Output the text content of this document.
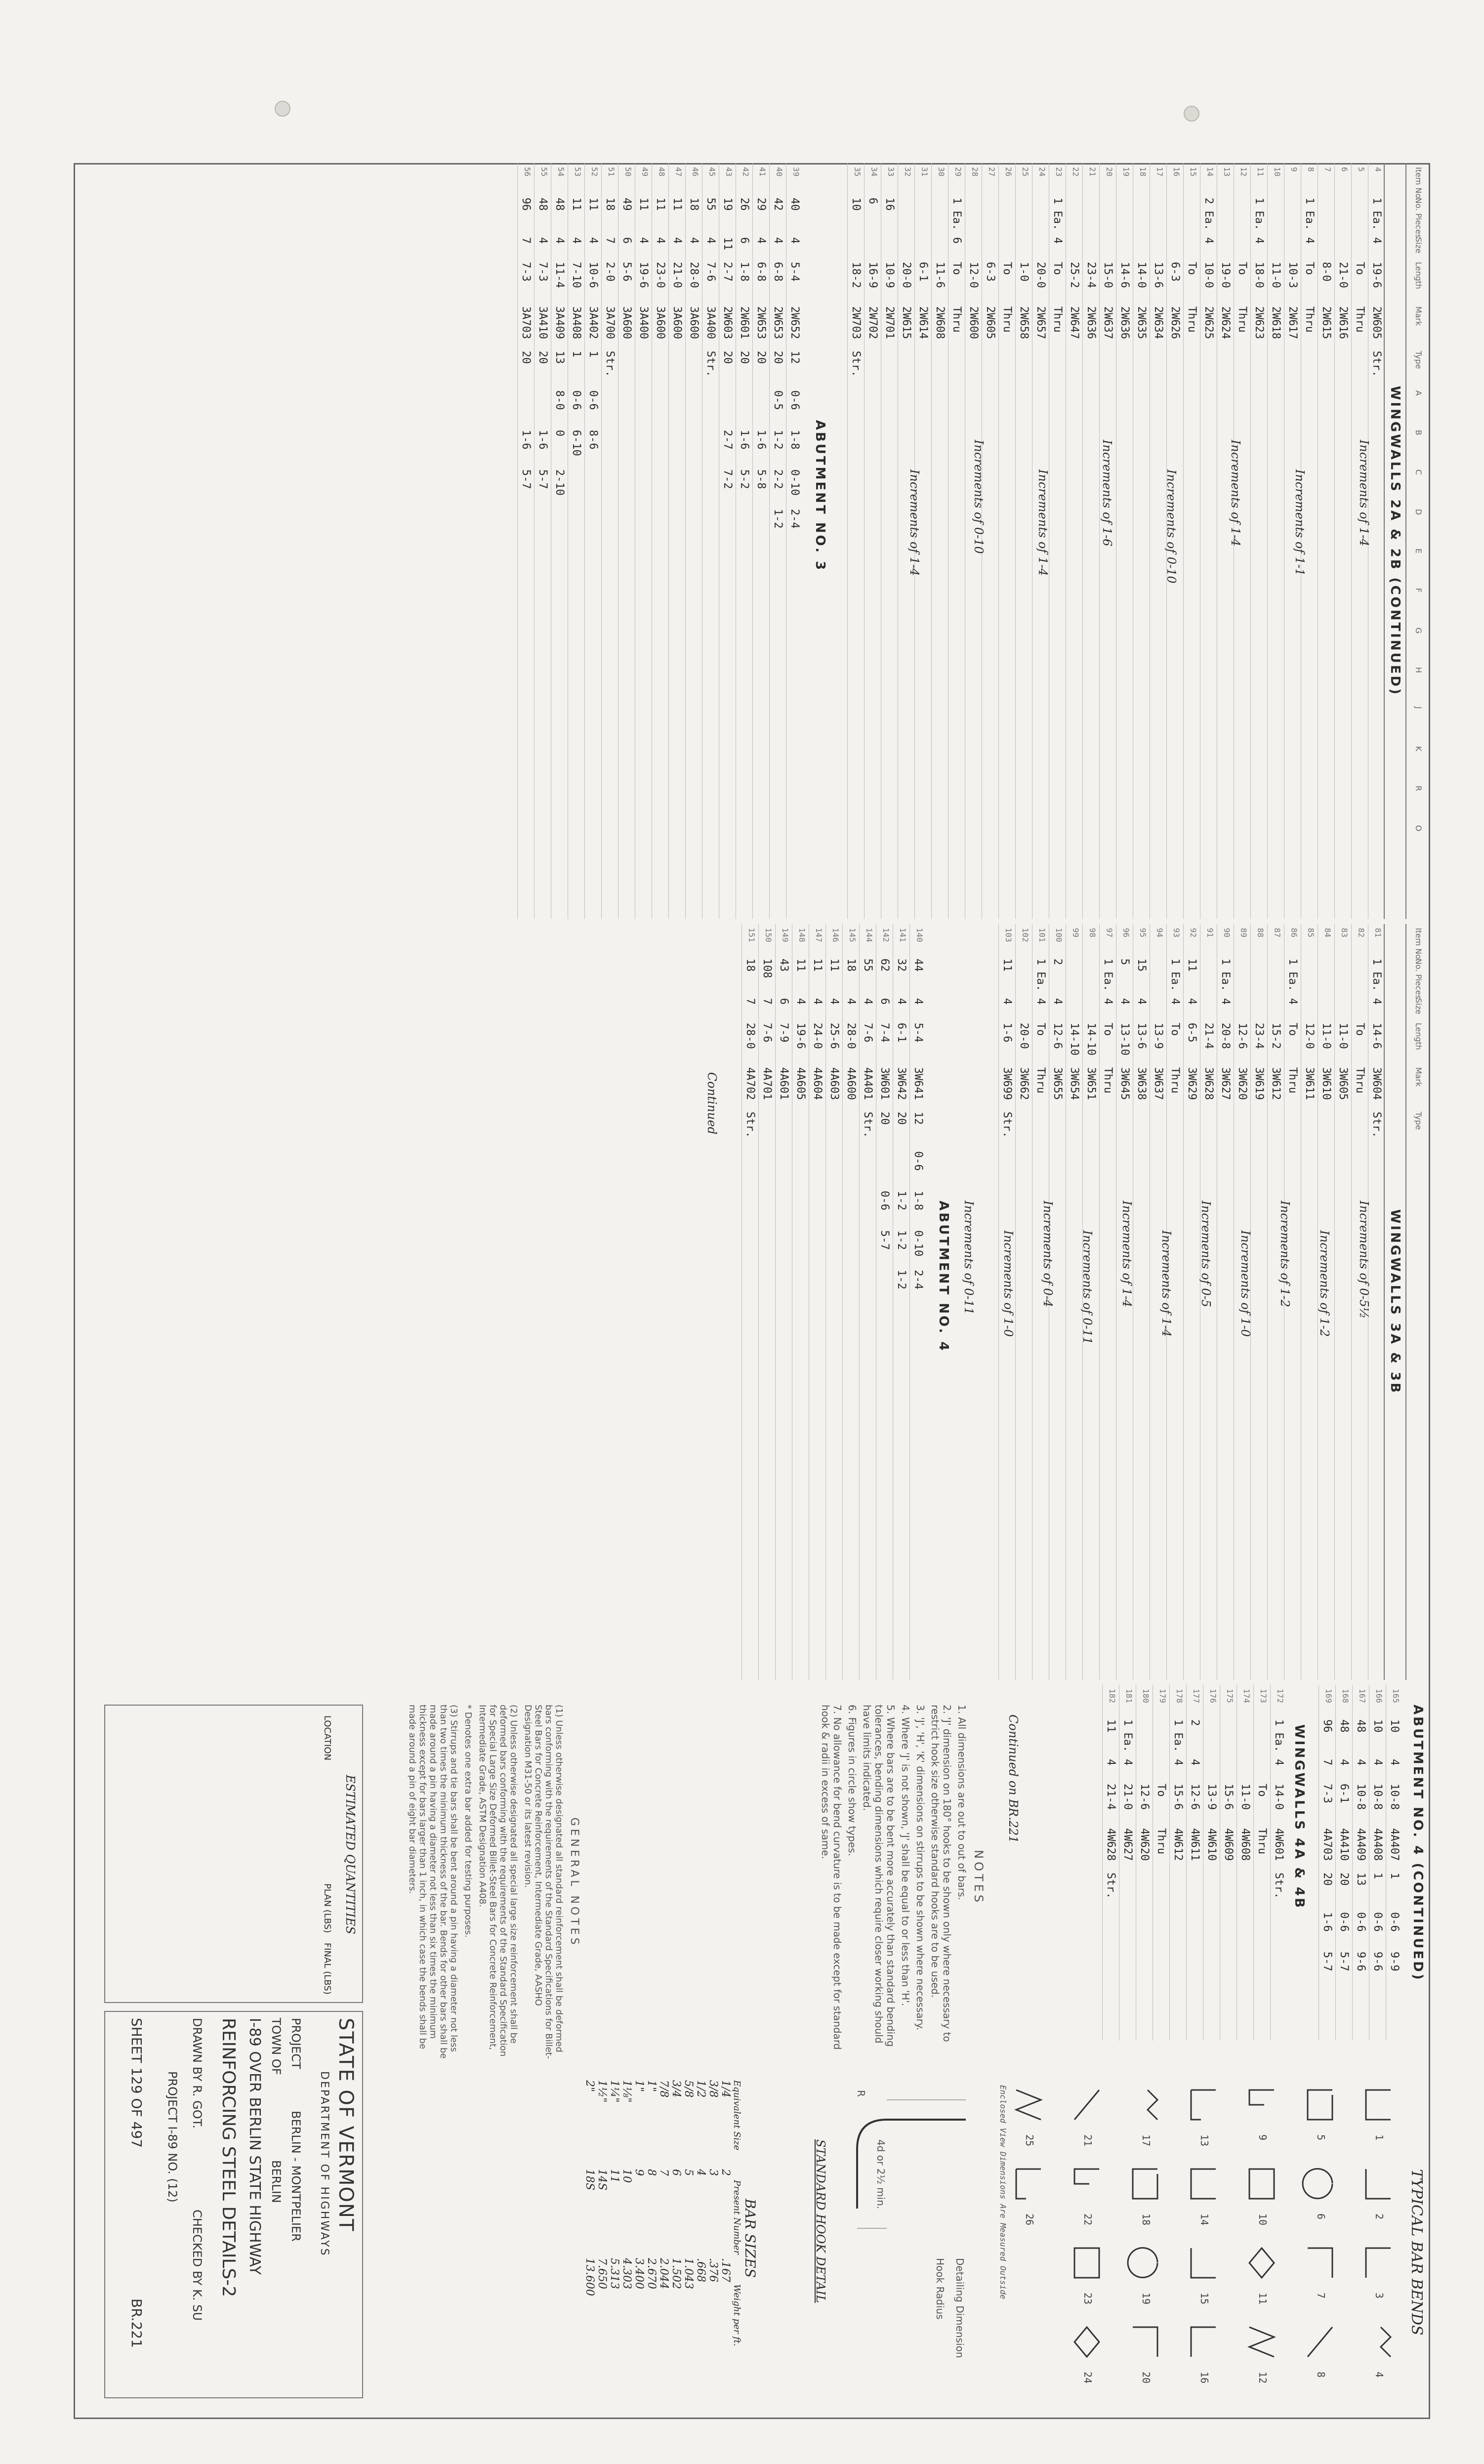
Item No.
No. Pieces
Size
Length
Mark
Type
A
B
C
D
E
F
G
H
J
K
R
O
WINGWALLS 2A & 2B (CONTINUED)
4
1 Ea.
4
19-6
2W605
Str.
5
To
Thru
6
21-0
2W616
7
8-0
2W615
8
1 Ea.
4
To
Thru
9
10-3
2W617
10
11-0
2W618
11
1 Ea.
4
18-0
2W623
12
To
Thru
13
19-0
2W624
14
2 Ea.
4
10-0
2W625
15
To
Thru
16
6-3
2W626
17
13-6
2W634
18
14-0
2W635
19
14-6
2W636
20
15-0
2W637
21
23-4
2W636
22
25-2
2W647
23
1 Ea.
4
To
Thru
24
20-0
2W657
25
1-0
2W658
26
To
Thru
27
6-3
2W605
28
12-0
2W600
29
1 Ea.
6
To
Thru
30
11-6
2W608
31
6-1
2W614
32
20-0
2W615
33
16
10-9
2W701
34
6
16-9
2W702
35
10
18-2
2W703
Str.
ABUTMENT NO. 3
39
40
4
5-4
2W652
12
0-6
1-8
0-10
2-4
40
42
4
6-8
2W653
20
0-5
1-2
2-2
1-2
41
29
4
6-8
2W653
20
1-6
5-8
42
26
6
1-8
2W601
20
1-6
5-2
43
19
11
2-7
2W603
20
2-7
7-2
45
55
4
7-6
3A400
Str.
46
18
4
28-0
3A600
47
11
4
21-0
3A600
48
11
4
23-0
3A600
49
11
4
19-6
3A400
50
49
6
5-6
3A600
51
18
7
2-0
3A700
Str.
52
11
4
10-6
3A402
1
0-6
8-6
53
11
4
7-10
3A408
1
0-6
6-10
54
48
4
11-4
3A409
13
8-0
0
2-10
55
48
4
7-3
3A410
20
1-6
5-7
56
96
7
7-3
3A703
20
1-6
5-7	Increments of 1-4
Increments of 1-1
Increments of 1-4
Increments of 0-10
Increments of 1-6
Increments of 1-4
Increments of 0-10
Increments of 1-4
Item No.
No. Pieces
Size
Length
Mark
Type
WINGWALLS 3A & 3B
81
1 Ea.
4
14-6
3W604
Str.
82
To
Thru
83
11-0
3W605
84
11-0
3W610
85
12-0
3W611
86
1 Ea.
4
To
Thru
87
15-2
3W612
88
23-4
3W619
89
12-6
3W620
90
1 Ea.
4
20-8
3W627
91
21-4
3W628
92
11
4
6-5
3W629
93
1 Ea.
4
To
Thru
94
13-9
3W637
95
15
4
13-6
3W638
96
5
4
13-10
3W645
97
1 Ea.
4
To
Thru
98
14-10
3W651
99
14-10
3W654
100
2
4
12-6
3W655
101
1 Ea.
4
To
Thru
102
20-0
3W662
103
11
4
1-6
3W699
Str.
ABUTMENT NO. 4
140
44
4
5-4
3W641
12
0-6
1-8
0-10
2-4
141
32
4
6-1
3W642
20
1-2
1-2
1-2
142
62
6
7-4
3W601
20
0-6
5-7
144
55
4
7-6
4A401
Str.
145
18
4
28-0
4A600
146
11
4
25-6
4A603
147
11
4
24-0
4A604
148
11
4
19-6
4A605
149
43
6
7-9
4A601
150
108
7
7-6
4A701
151
18
7
28-0
4A702
Str.
Continued
Increments of 0-5½
Increments of 1-2
Increments of 1-2
Increments of 1-0
Increments of 0-5
Increments of 1-4
Increments of 1-4
Increments of 0-11
Increments of 0-4
Increments of 1-0
Increments of 0-11
ABUTMENT NO. 4 (CONTINUED)
165
10
4
10-8
4A407
1
0-6
9-9
166
10
4
10-8
4A408
1
0-6
9-6
167
48
4
10-8
4A409
13
0-6
9-6
168
48
4
6-1
4A410
20
0-6
5-7
169
96
7
7-3
4A703
20
1-6
5-7
WINGWALLS 4A & 4B
172
1 Ea.
4
14-0
4W601
Str.
173
To
Thru
174
11-0
4W608
175
15-6
4W609
176
13-9
4W610
177
2
4
12-6
4W611
178
1 Ea.
4
15-6
4W612
179
To
Thru
180
12-6
4W620
181
1 Ea.
4
21-0
4W627
182
11
4
21-4
4W628
Str.
Continued on BR.221
TYPICAL BAR BENDS
1
2
3
4
5
6
7
8
9
10
11
12
13
14
15
16
17
18
19
20
21
22
23
24
25
26
Enclosed View Dimensions Are Measured Outside
NOTES
1. All dimensions are out to out of bars.
2. 'J' dimension on 180° hooks to be shown only where necessary to restrict hook size otherwise standard hooks are to be used.
3. 'J', 'H', 'K' dimensions on stirrups to be shown where necessary.
4. Where 'J' is not shown, 'J' shall be equal to or less than 'H'.
5. Where bars are to be bent more accurately than standard bending tolerances, bending dimensions which require closer working should have limits indicated.
6. Figures in circle show types.
7. No allowance for bend curvature is to be made except for standard hook & radii in excess of same.
Detailing Dimension
Hook Radius
4d or 2½ min.
R
STANDARD HOOK DETAIL
BAR SIZES
Equivalent Size
Present Number
Weight per ft.
1/4
2
.167
3/8
3
.376
1/2
4
.668
5/8
5
1.043
3/4
6
1.502
7/8
7
2.044
1"
8
2.670
1"
9
3.400
1⅛"
10
4.303
1¼"
11
5.313
1½"
14S
7.650
2"
18S
13.600
GENERAL NOTES
(1) Unless otherwise designated all standard reinforcement shall be deformed bars conforming with the requirements of the Standard Specifications for Billet-Steel Bars for Concrete Reinforcement, Intermediate Grade, AASHO Designation M31-50 or its latest revision.
(2) Unless otherwise designated all special large size reinforcement shall be deformed bars conforming with the requirements of the Standard Specification for Special Large Size Deformed Billet-Steel Bars for Concrete Reinforcement, Intermediate Grade, ASTM Designation A408.
* Denotes one extra bar added for testing purposes.
(3) Stirrups and tie bars shall be bent around a pin having a diameter not less than two times the minimum thickness of the bar. Bends for other bars shall be made around a pin having a diameter not less than six times the minimum thickness except for bars larger than 1 inch, in which case the bends shall be made around a pin of eight bar diameters.
ESTIMATED QUANTITIES
LOCATION
PLAN (LBS)
FINAL (LBS)
STATE OF VERMONT
DEPARTMENT OF HIGHWAYS
PROJECT
BERLIN - MONTPELIER
TOWN OF
BERLIN
I-89 OVER BERLIN STATE HIGHWAY
REINFORCING STEEL DETAILS-2
DRAWN BY R. GOT.
CHECKED BY K. SU
PROJECT I-89 NO. (12)
SHEET 129 OF 497
BR.221
